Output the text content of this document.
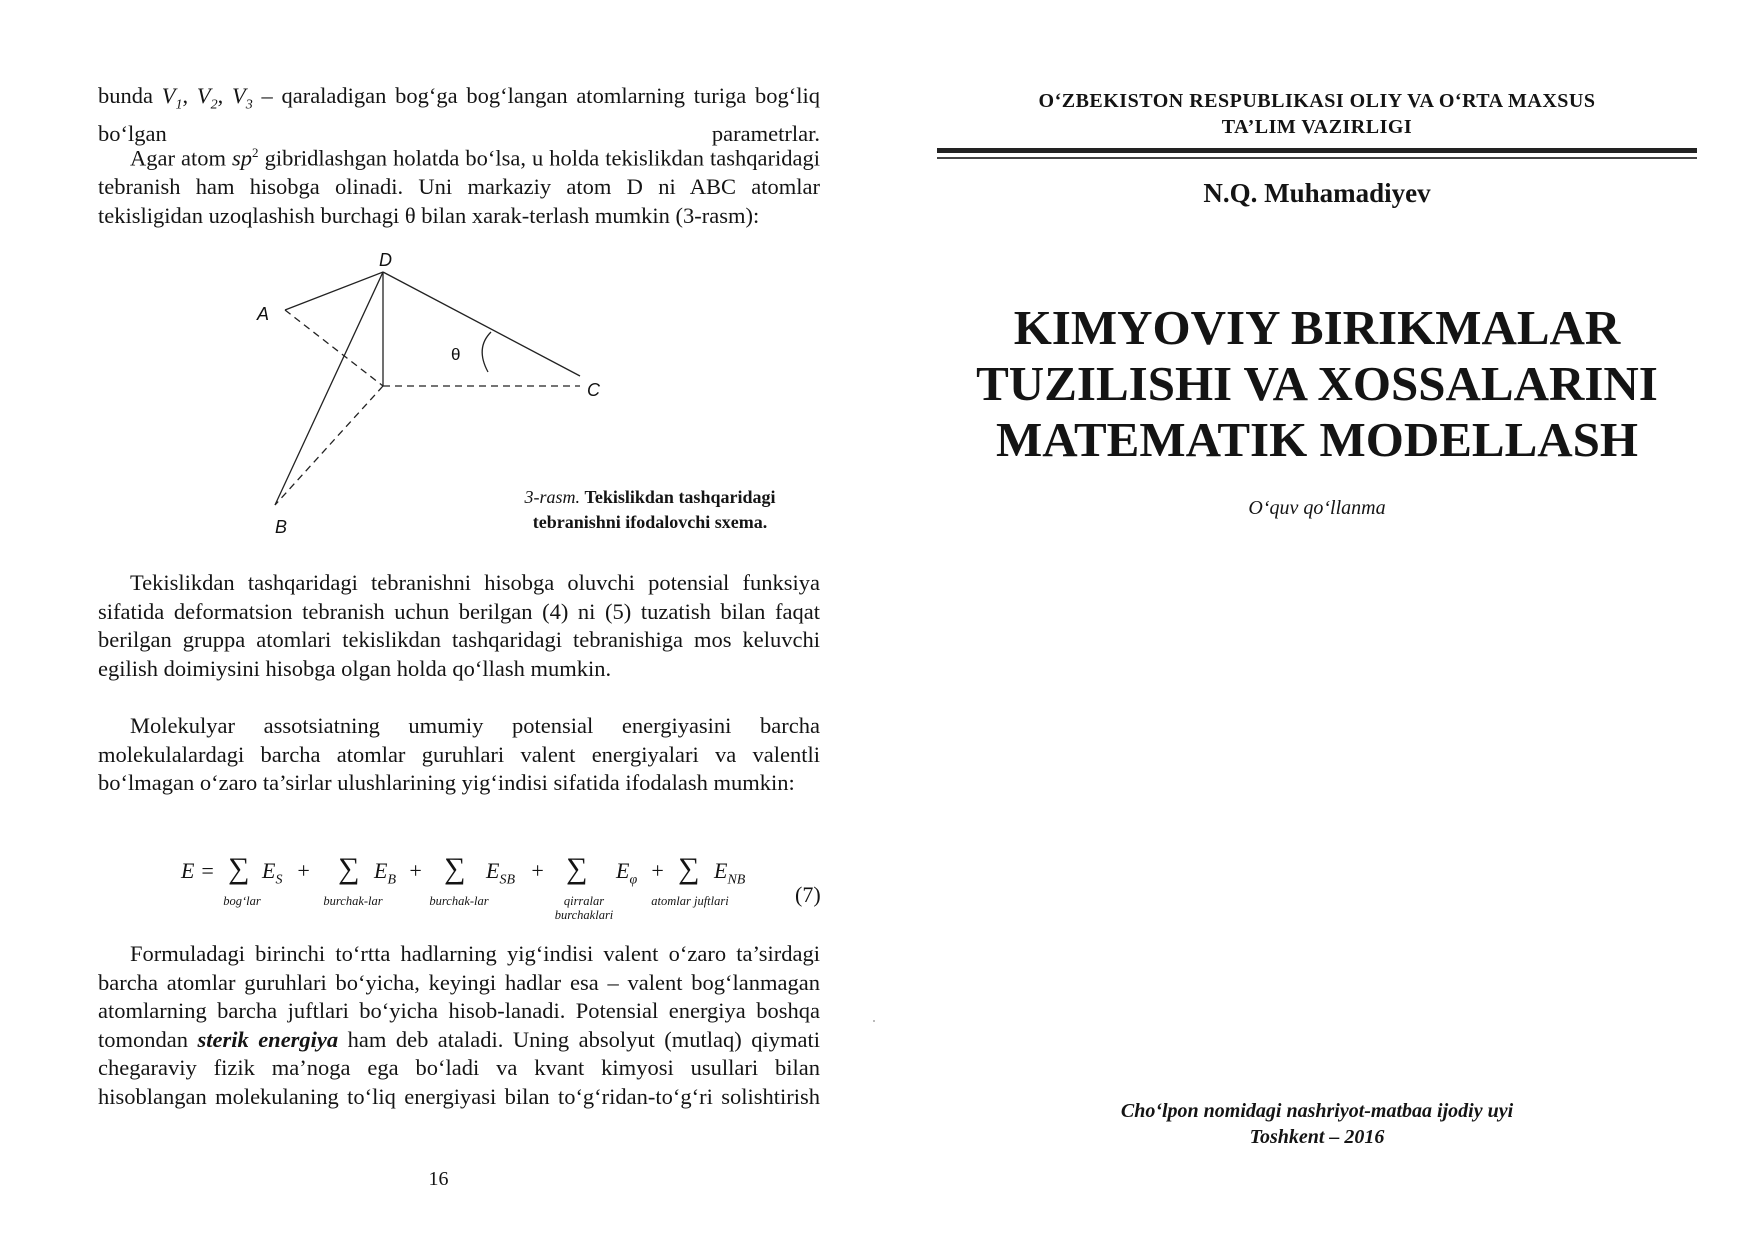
bunda $V_1$, $V_2$, $V_3$ – qaraladigan bog‘ga bog‘langan atomlarning turiga bog‘liq bo‘lgan parametrlar.

Agar atom $sp^2$ gibridlashgan holatda bo‘lsa, u holda tekislikdan tashqaridagi tebranish ham hisobga olinadi. Uni markaziy atom D ni ABC atomlar tekisligidan uzoqlashish burchagi θ bilan xarak-terlash mumkin (3-rasm):

D
A
C
B
θ
3-rasm. Tekislikdan tashqaridagi tebranishni ifodalovchi sxema.

Tekislikdan tashqaridagi tebranishni hisobga oluvchi potensial funksiya sifatida deformatsion tebranish uchun berilgan (4) ni (5) tuzatish bilan faqat berilgan gruppa atomlari tekislikdan tashqaridagi tebranishiga mos keluvchi egilish doimiysini hisobga olgan holda qo‘llash mumkin.

Molekulyar assotsiatning umumiy potensial energiyasini barcha molekulalardagi barcha atomlar guruhlari valent energiyalari va valentli bo‘lmagan o‘zaro ta’sirlar ulushlarining yig‘indisi sifatida ifodalash mumkin:

E = ∑ $E_S$ +
bog‘lar
∑ $E_B$ +
burchak-lar
∑ $E_{SB}$ +
burchak-lar
∑ $E_\varphi$ +
qirralar burchaklari
∑ $E_{NB}$
atomlar juftlari	(7)

Formuladagi birinchi to‘rtta hadlarning yig‘indisi valent o‘zaro ta’sirdagi barcha atomlar guruhlari bo‘yicha, keyingi hadlar esa – valent bog‘lanmagan atomlarning barcha juftlari bo‘yicha hisob-lanadi. Potensial energiya boshqa tomondan sterik energiya ham deb ataladi. Uning absolyut (mutlaq) qiymati chegaraviy fizik ma’noga ega bo‘ladi va kvant kimyosi usullari bilan hisoblangan molekulaning to‘liq energiyasi bilan to‘g‘ridan-to‘g‘ri solishtirish

16
O‘ZBEKISTON RESPUBLIKASI OLIY VA O‘RTA MAXSUS
TA’LIM VAZIRLIGI
N.Q. Muhamadiyev
KIMYOVIY BIRIKMALAR
TUZILISHI VA XOSSALARINI
MATEMATIK MODELLASH
O‘quv qo‘llanma
Cho‘lpon nomidagi nashriyot-matbaa ijodiy uyi
Toshkent – 2016
